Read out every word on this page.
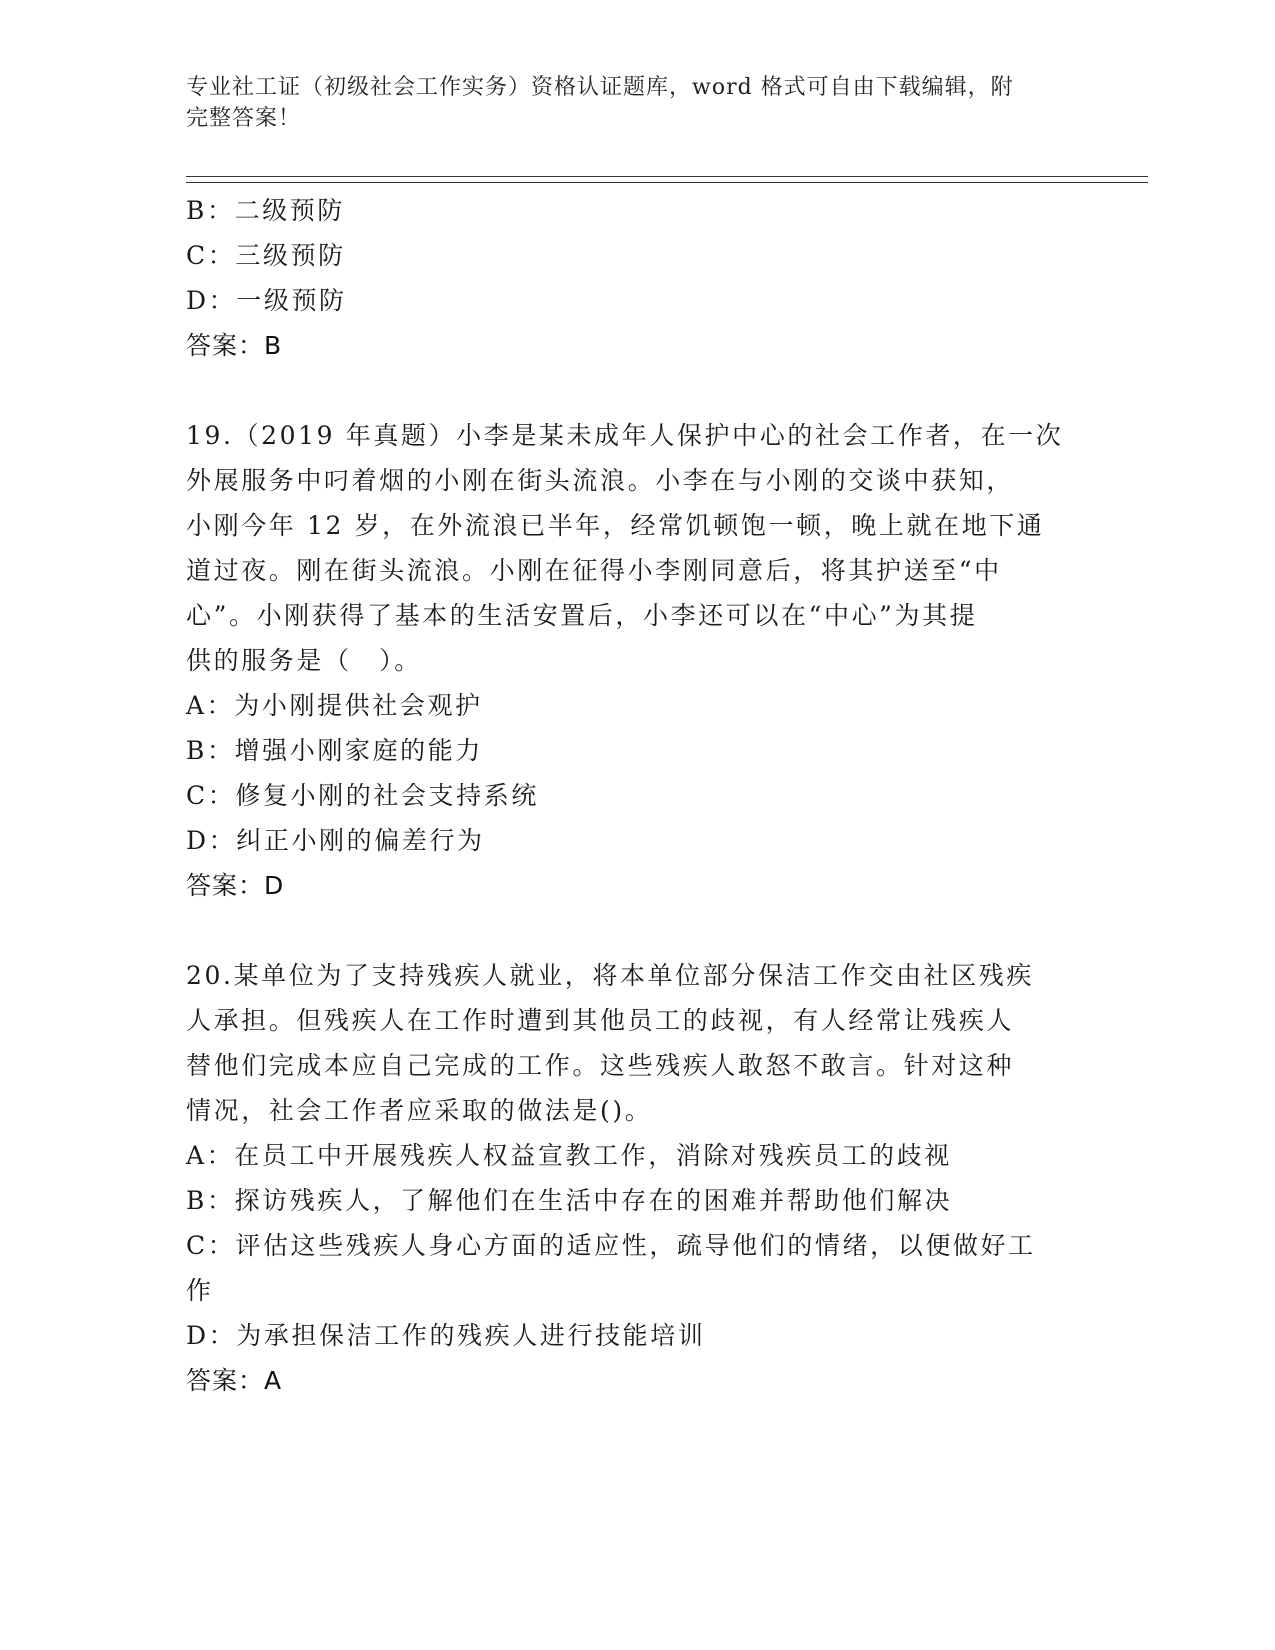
专业社工证（初级社会工作实务）资格认证题库，word 格式可自由下载编辑，附
完整答案！
B：二级预防
C：三级预防
D：一级预防
答案：B
19.（2019 年真题）小李是某未成年人保护中心的社会工作者，在一次
外展服务中叼着烟的小刚在街头流浪。小李在与小刚的交谈中获知，
小刚今年 12 岁，在外流浪已半年，经常饥顿饱一顿，晚上就在地下通
道过夜。刚在街头流浪。小刚在征得小李刚同意后，将其护送至“中
心”。小刚获得了基本的生活安置后，小李还可以在“中心”为其提
供的服务是（　）。
A：为小刚提供社会观护
B：增强小刚家庭的能力
C：修复小刚的社会支持系统
D：纠正小刚的偏差行为
答案：D
20.某单位为了支持残疾人就业，将本单位部分保洁工作交由社区残疾
人承担。但残疾人在工作时遭到其他员工的歧视，有人经常让残疾人
替他们完成本应自己完成的工作。这些残疾人敢怒不敢言。针对这种
情况，社会工作者应采取的做法是()。
A：在员工中开展残疾人权益宣教工作，消除对残疾员工的歧视
B：探访残疾人，了解他们在生活中存在的困难并帮助他们解决
C：评估这些残疾人身心方面的适应性，疏导他们的情绪，以便做好工
作
D：为承担保洁工作的残疾人进行技能培训
答案：A
